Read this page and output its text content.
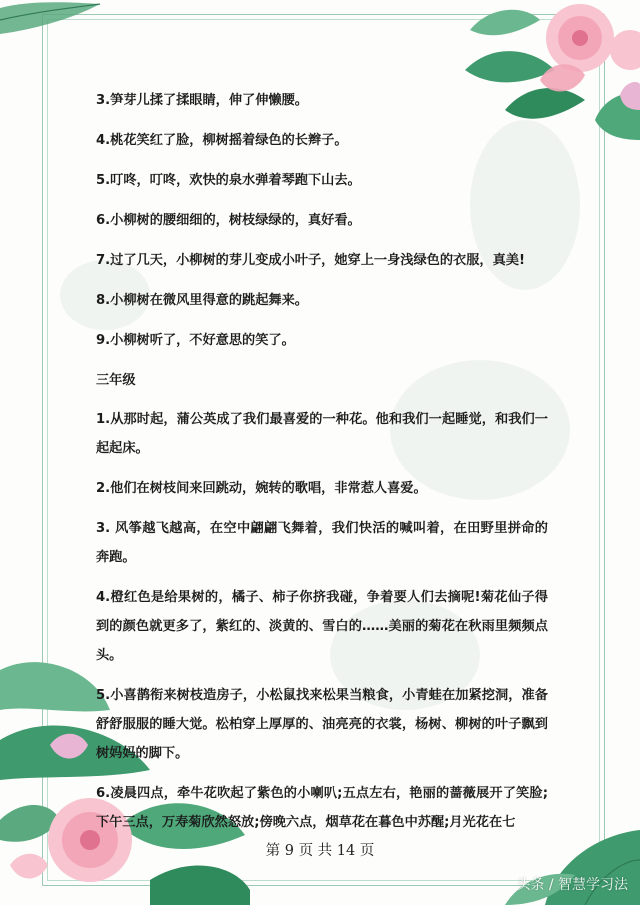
3.笋芽儿揉了揉眼睛，伸了伸懒腰。

4.桃花笑红了脸，柳树摇着绿色的长辫子。

5.叮咚，叮咚，欢快的泉水弹着琴跑下山去。

6.小柳树的腰细细的，树枝绿绿的，真好看。

7.过了几天，小柳树的芽儿变成小叶子，她穿上一身浅绿色的衣服，真美!

8.小柳树在微风里得意的跳起舞来。

9.小柳树听了，不好意思的笑了。

三年级

1.从那时起，蒲公英成了我们最喜爱的一种花。他和我们一起睡觉，和我们一起起床。

2.他们在树枝间来回跳动，婉转的歌唱，非常惹人喜爱。

3. 风筝越飞越高，在空中翩翩飞舞着，我们快活的喊叫着，在田野里拼命的奔跑。

4.橙红色是给果树的，橘子、柿子你挤我碰，争着要人们去摘呢!菊花仙子得到的颜色就更多了，紫红的、淡黄的、雪白的……美丽的菊花在秋雨里频频点头。

5.小喜鹊衔来树枝造房子，小松鼠找来松果当粮食，小青蛙在加紧挖洞，准备舒舒服服的睡大觉。松柏穿上厚厚的、油亮亮的衣裳，杨树、柳树的叶子飘到树妈妈的脚下。

6.凌晨四点，牵牛花吹起了紫色的小喇叭;五点左右，艳丽的蔷薇展开了笑脸;下午三点，万寿菊欣然怒放;傍晚六点，烟草花在暮色中苏醒;月光花在七

第 9 页 共 14 页
头条 / 智慧学习法
